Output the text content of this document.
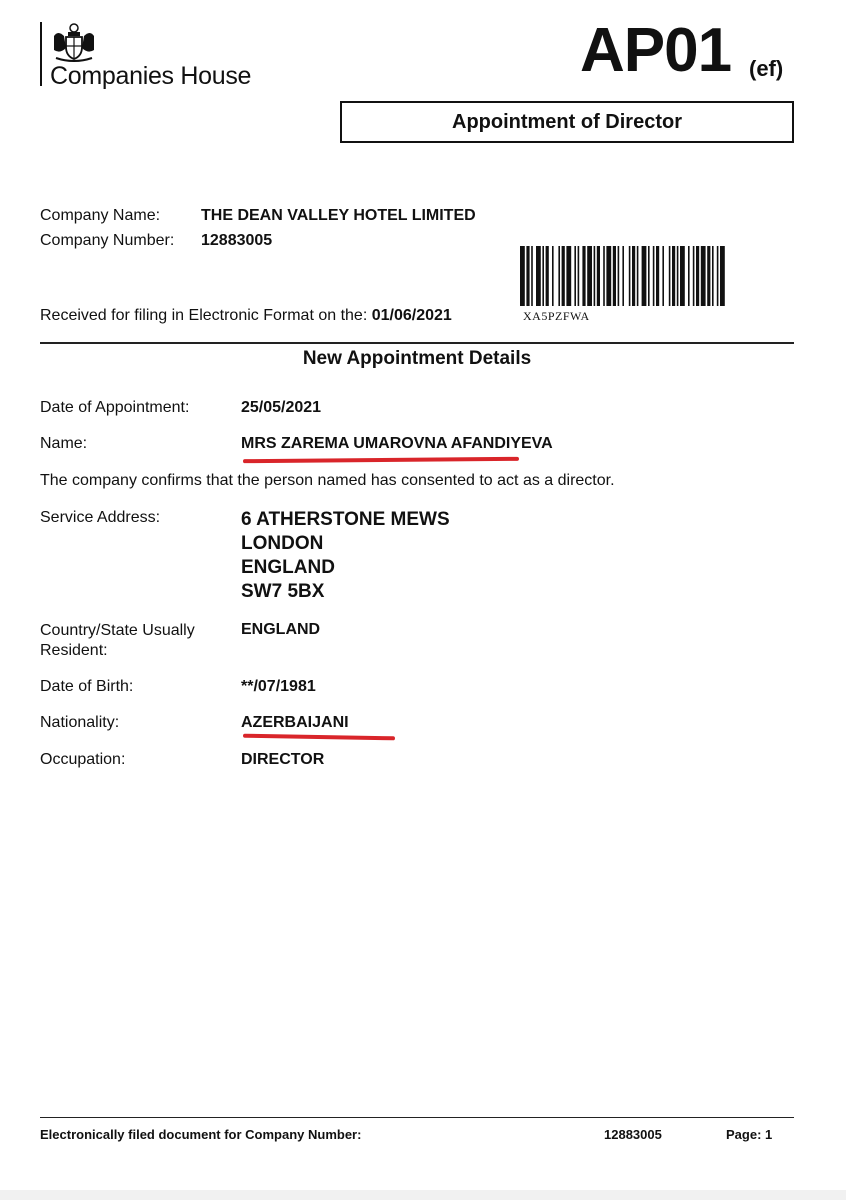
Companies House	AP01 (ef)
Appointment of Director
Company Name:	THE DEAN VALLEY HOTEL LIMITED
Company Number: 12883005
XA5PZFWA
Received for filing in Electronic Format on the: 01/06/2021
New Appointment Details
Date of Appointment:	25/05/2021
Name:	MRS ZAREMA UMAROVNA AFANDIYEVA
The company confirms that the person named has consented to act as a director.
Service Address:	6 ATHERSTONE MEWS
LONDON
ENGLAND
SW7 5BX
Country/State Usually
Resident:
ENGLAND
Date of Birth:	**/07/1981
Nationality:	AZERBAIJANI
Occupation:	DIRECTOR
Electronically filed document for Company Number:	12883005	Page: 1
